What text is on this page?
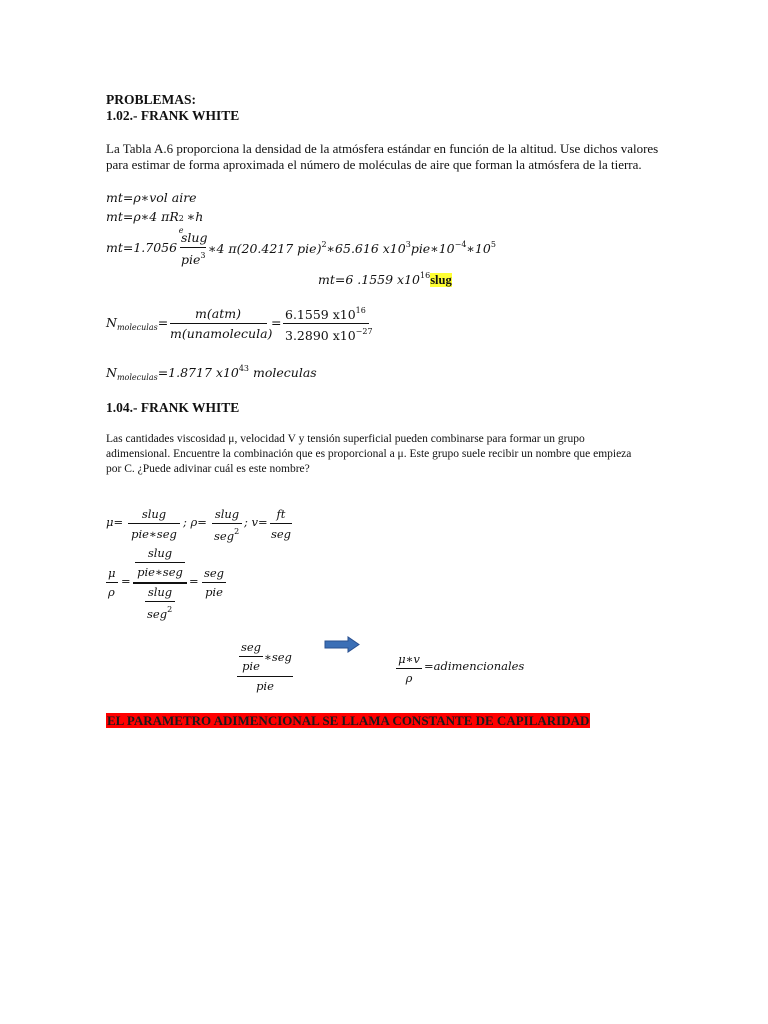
PROBLEMAS:
1.02.- FRANK WHITE
La Tabla A.6 proporciona la densidad de la atmósfera estándar en función de la altitud. Use dichos valores para estimar de forma aproximada el número de moléculas de aire que forman la atmósfera de la tierra.
mt=ρ∗vol aire
mt=ρ∗4 πR 2
e
∗h
mt=1.7056
slug
pie$^3$ ∗4 π(20.4217 pie)$^2$∗65.616 $x10^3pie∗10^{-4}∗10^5$
mt=6 .1559 $x10^{16}slug$
$N_{moleculas}=$
m(atm)
m(unamolecula)
=
6.1559 $x10^{16}$
3.2890 $x10^{-27}$
$N_{moleculas}=1.8717$ $x10^{43}$ moleculas
1.04.- FRANK WHITE
Las cantidades viscosidad μ, velocidad V y tensión superficial pueden combinarse para formar un grupo adimensional. Encuentre la combinación que es proporcional a μ. Este grupo suele recibir un nombre que empieza por C. ¿Puede adivinar cuál es este nombre?
μ=
slug
pie∗seg
; ρ=
slug
seg$^2$
; v=
ft
seg
μ
ρ
=
slug
pie∗seg
slug
seg$^2$
=
seg
pie
seg
pie
∗seg
pie
μ∗v
ρ
=adimencionales
EL PARAMETRO ADIMENCIONAL SE LLAMA CONSTANTE DE CAPILARIDAD
